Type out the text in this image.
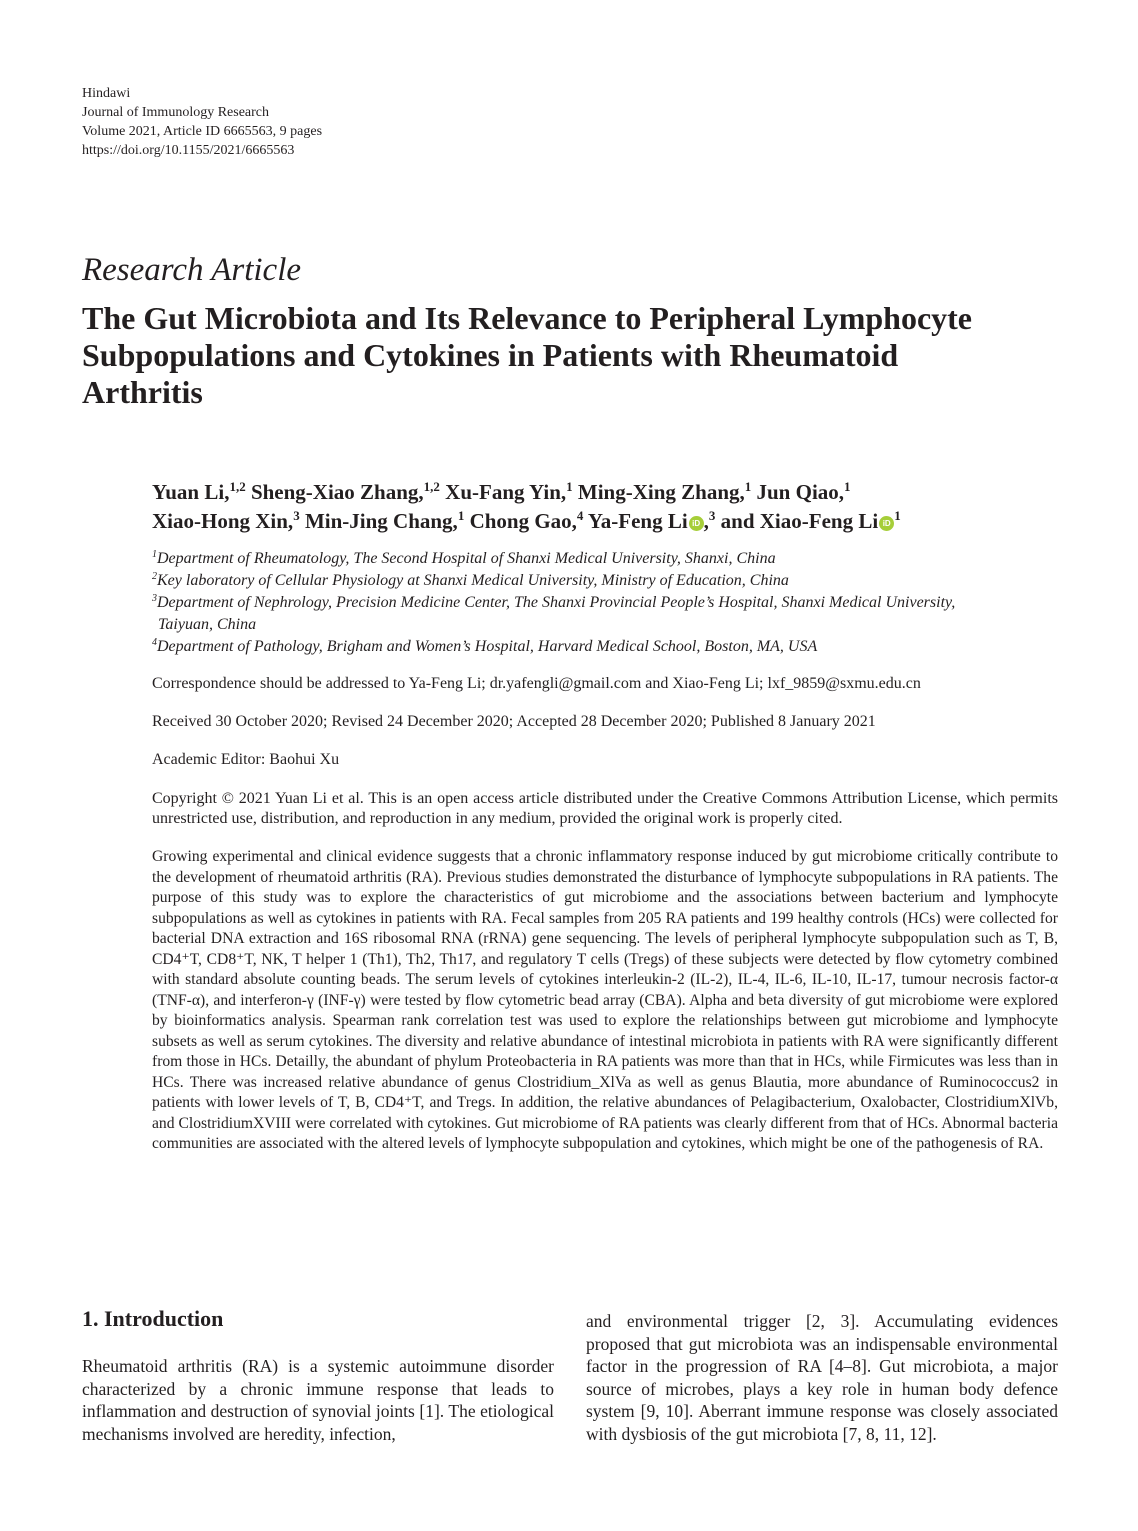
Hindawi
Journal of Immunology Research
Volume 2021, Article ID 6665563, 9 pages
https://doi.org/10.1155/2021/6665563
Research Article
The Gut Microbiota and Its Relevance to Peripheral Lymphocyte Subpopulations and Cytokines in Patients with Rheumatoid Arthritis
Yuan Li,$^{1,2}$ Sheng-Xiao Zhang,$^{1,2}$ Xu-Fang Yin,$^1$ Ming-Xing Zhang,$^1$ Jun Qiao,$^1$
Xiao-Hong Xin,$^3$ Min-Jing Chang,$^1$ Chong Gao,$^4$ Ya-Feng Li iD ,$^3$ and Xiao-Feng Li $iD^1$
$^1$Department of Rheumatology, The Second Hospital of Shanxi Medical University, Shanxi, China
$^2$Key laboratory of Cellular Physiology at Shanxi Medical University, Ministry of Education, China
$^3$Department of Nephrology, Precision Medicine Center, The Shanxi Provincial People’s Hospital, Shanxi Medical University,
Taiyuan, China
$^4$Department of Pathology, Brigham and Women’s Hospital, Harvard Medical School, Boston, MA, USA
Correspondence should be addressed to Ya-Feng Li; dr.yafengli@gmail.com and Xiao-Feng Li; lxf_9859@sxmu.edu.cn
Received 30 October 2020; Revised 24 December 2020; Accepted 28 December 2020; Published 8 January 2021
Academic Editor: Baohui Xu
Copyright © 2021 Yuan Li et al. This is an open access article distributed under the Creative Commons Attribution License, which permits unrestricted use, distribution, and reproduction in any medium, provided the original work is properly cited.
Growing experimental and clinical evidence suggests that a chronic inflammatory response induced by gut microbiome critically contribute to the development of rheumatoid arthritis (RA). Previous studies demonstrated the disturbance of lymphocyte subpopulations in RA patients. The purpose of this study was to explore the characteristics of gut microbiome and the associations between bacterium and lymphocyte subpopulations as well as cytokines in patients with RA. Fecal samples from 205 RA patients and 199 healthy controls (HCs) were collected for bacterial DNA extraction and 16S ribosomal RNA (rRNA) gene sequencing. The levels of peripheral lymphocyte subpopulation such as T, B, CD4⁺T, CD8⁺T, NK, T helper 1 (Th1), Th2, Th17, and regulatory T cells (Tregs) of these subjects were detected by flow cytometry combined with standard absolute counting beads. The serum levels of cytokines interleukin-2 (IL-2), IL-4, IL-6, IL-10, IL-17, tumour necrosis factor-α (TNF-α), and interferon-γ (INF-γ) were tested by flow cytometric bead array (CBA). Alpha and beta diversity of gut microbiome were explored by bioinformatics analysis. Spearman rank correlation test was used to explore the relationships between gut microbiome and lymphocyte subsets as well as serum cytokines. The diversity and relative abundance of intestinal microbiota in patients with RA were significantly different from those in HCs. Detailly, the abundant of phylum Proteobacteria in RA patients was more than that in HCs, while Firmicutes was less than in HCs. There was increased relative abundance of genus Clostridium_XlVa as well as genus Blautia, more abundance of Ruminococcus2 in patients with lower levels of T, B, CD4⁺T, and Tregs. In addition, the relative abundances of Pelagibacterium, Oxalobacter, ClostridiumXlVb, and ClostridiumXVIII were correlated with cytokines. Gut microbiome of RA patients was clearly different from that of HCs. Abnormal bacteria communities are associated with the altered levels of lymphocyte subpopulation and cytokines, which might be one of the pathogenesis of RA.
1. Introduction
Rheumatoid arthritis (RA) is a systemic autoimmune disorder characterized by a chronic immune response that leads to inflammation and destruction of synovial joints [1]. The etiological mechanisms involved are heredity, infection,
and environmental trigger [2, 3]. Accumulating evidences proposed that gut microbiota was an indispensable environmental factor in the progression of RA [4–8]. Gut microbiota, a major source of microbes, plays a key role in human body defence system [9, 10]. Aberrant immune response was closely associated with dysbiosis of the gut microbiota [7, 8, 11, 12].
